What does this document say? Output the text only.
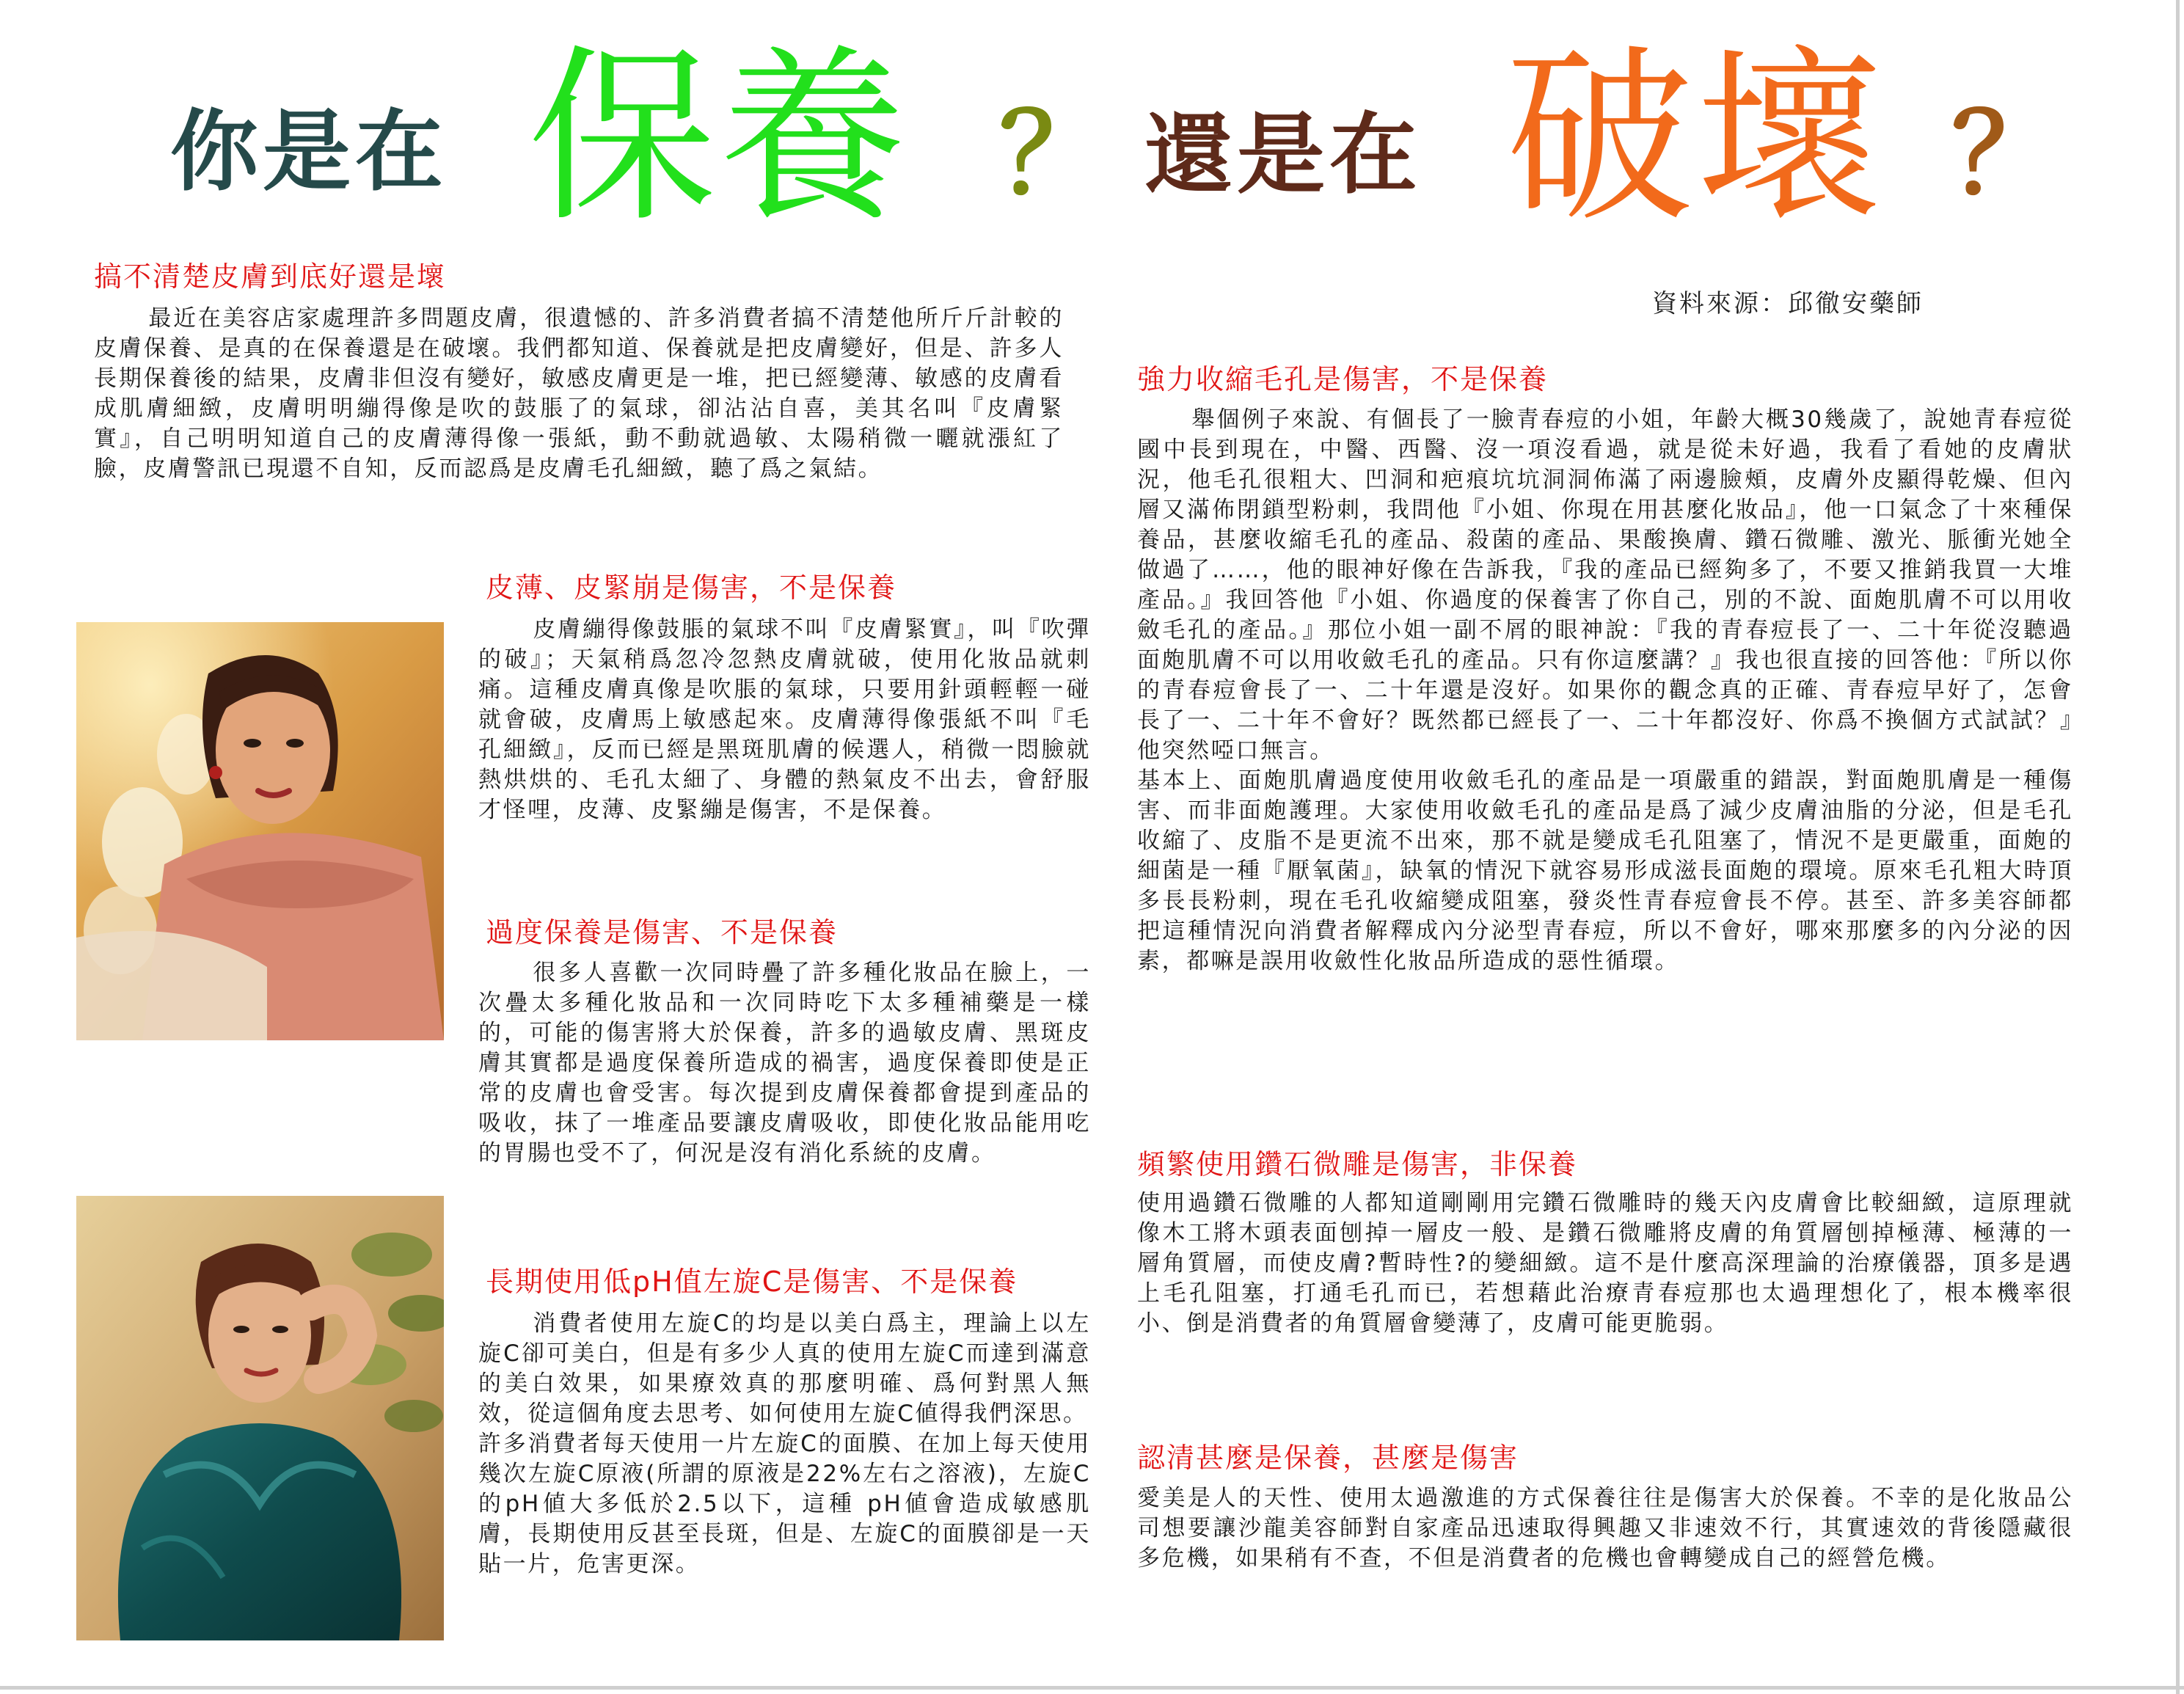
你是在 保養 ？ 還是在 破壞 ？
資料來源：邱徹安藥師
搞不清楚皮膚到底好還是壞

最近在美容店家處理許多問題皮膚，很遺憾的、許多消費者搞不清楚他所斤斤計較的皮膚保養、是真的在保養還是在破壞。我們都知道、保養就是把皮膚變好，但是、許多人長期保養後的結果，皮膚非但沒有變好，敏感皮膚更是一堆，把已經變薄、敏感的皮膚看成肌膚細緻，皮膚明明繃得像是吹的鼓脹了的氣球，卻沾沾自喜，美其名叫『皮膚緊實』，自己明明知道自己的皮膚薄得像一張紙，動不動就過敏、太陽稍微一曬就漲紅了臉，皮膚警訊已現還不自知，反而認爲是皮膚毛孔細緻，聽了爲之氣結。

皮薄、皮緊崩是傷害，不是保養

皮膚繃得像鼓脹的氣球不叫『皮膚緊實』，叫『吹彈的破』；天氣稍爲忽冷忽熱皮膚就破，使用化妝品就刺痛。這種皮膚真像是吹脹的氣球，只要用針頭輕輕一碰就會破，皮膚馬上敏感起來。皮膚薄得像張紙不叫『毛孔細緻』，反而已經是黑斑肌膚的候選人，稍微一悶臉就熱烘烘的、毛孔太細了、身體的熱氣皮不出去，會舒服才怪哩，皮薄、皮緊繃是傷害，不是保養。

過度保養是傷害、不是保養

很多人喜歡一次同時疊了許多種化妝品在臉上，一次疊太多種化妝品和一次同時吃下太多種補藥是一樣的，可能的傷害將大於保養，許多的過敏皮膚、黑斑皮膚其實都是過度保養所造成的禍害，過度保養即使是正常的皮膚也會受害。每次提到皮膚保養都會提到產品的吸收，抹了一堆產品要讓皮膚吸收，即使化妝品能用吃的胃腸也受不了，何況是沒有消化系統的皮膚。

長期使用低pH值左旋C是傷害、不是保養

消費者使用左旋C的均是以美白爲主，理論上以左旋C卻可美白，但是有多少人真的使用左旋C而達到滿意的美白效果，如果療效真的那麼明確、爲何對黑人無效，從這個角度去思考、如何使用左旋C値得我們深思。

許多消費者每天使用一片左旋C的面膜、在加上每天使用幾次左旋C原液(所謂的原液是22%左右之溶液)，左旋C的pH値大多低於2.5以下，這種 pH値會造成敏感肌膚，長期使用反甚至長斑，但是、左旋C的面膜卻是一天貼一片，危害更深。

強力收縮毛孔是傷害，不是保養

舉個例子來說、有個長了一臉青春痘的小姐，年齡大概30幾歲了，說她青春痘從國中長到現在，中醫、西醫、沒一項沒看過，就是從未好過，我看了看她的皮膚狀況，他毛孔很粗大、凹洞和疤痕坑坑洞洞佈滿了兩邊臉頰，皮膚外皮顯得乾燥、但內層又滿佈閉鎖型粉刺，我問他『小姐、你現在用甚麼化妝品』，他一口氣念了十來種保養品，甚麼收縮毛孔的產品、殺菌的產品、果酸換膚、鑽石微雕、激光、脈衝光她全做過了……，他的眼神好像在告訴我，『我的產品已經夠多了，不要又推銷我買一大堆產品。』我回答他『小姐、你過度的保養害了你自己，別的不說、面皰肌膚不可以用收斂毛孔的產品。』那位小姐一副不屑的眼神說：『我的青春痘長了一、二十年從沒聽過面皰肌膚不可以用收斂毛孔的產品。只有你這麼講？』我也很直接的回答他：『所以你的青春痘會長了一、二十年還是沒好。如果你的觀念真的正確、青春痘早好了，怎會長了一、二十年不會好？既然都已經長了一、二十年都沒好、你爲不換個方式試試？』他突然啞口無言。

基本上、面皰肌膚過度使用收斂毛孔的產品是一項嚴重的錯誤，對面皰肌膚是一種傷害、而非面皰護理。大家使用收斂毛孔的產品是爲了減少皮膚油脂的分泌，但是毛孔收縮了、皮脂不是更流不出來，那不就是變成毛孔阻塞了，情況不是更嚴重，面皰的細菌是一種『厭氧菌』，缺氧的情況下就容易形成滋長面皰的環境。原來毛孔粗大時頂多長長粉刺，現在毛孔收縮變成阻塞，發炎性青春痘會長不停。甚至、許多美容師都把這種情況向消費者解釋成內分泌型青春痘，所以不會好，哪來那麼多的內分泌的因素，都嘛是誤用收斂性化妝品所造成的惡性循環。

頻繁使用鑽石微雕是傷害，非保養

使用過鑽石微雕的人都知道剛剛用完鑽石微雕時的幾天內皮膚會比較細緻，這原理就像木工將木頭表面刨掉一層皮一般、是鑽石微雕將皮膚的角質層刨掉極薄、極薄的一層角質層，而使皮膚?暫時性?的變細緻。這不是什麼高深理論的治療儀器，頂多是遇上毛孔阻塞，打通毛孔而已，若想藉此治療青春痘那也太過理想化了，根本機率很小、倒是消費者的角質層會變薄了，皮膚可能更脆弱。

認清甚麼是保養，甚麼是傷害

愛美是人的天性、使用太過激進的方式保養往往是傷害大於保養。不幸的是化妝品公司想要讓沙龍美容師對自家產品迅速取得興趣又非速效不行，其實速效的背後隱藏很多危機，如果稍有不查，不但是消費者的危機也會轉變成自己的經營危機。
